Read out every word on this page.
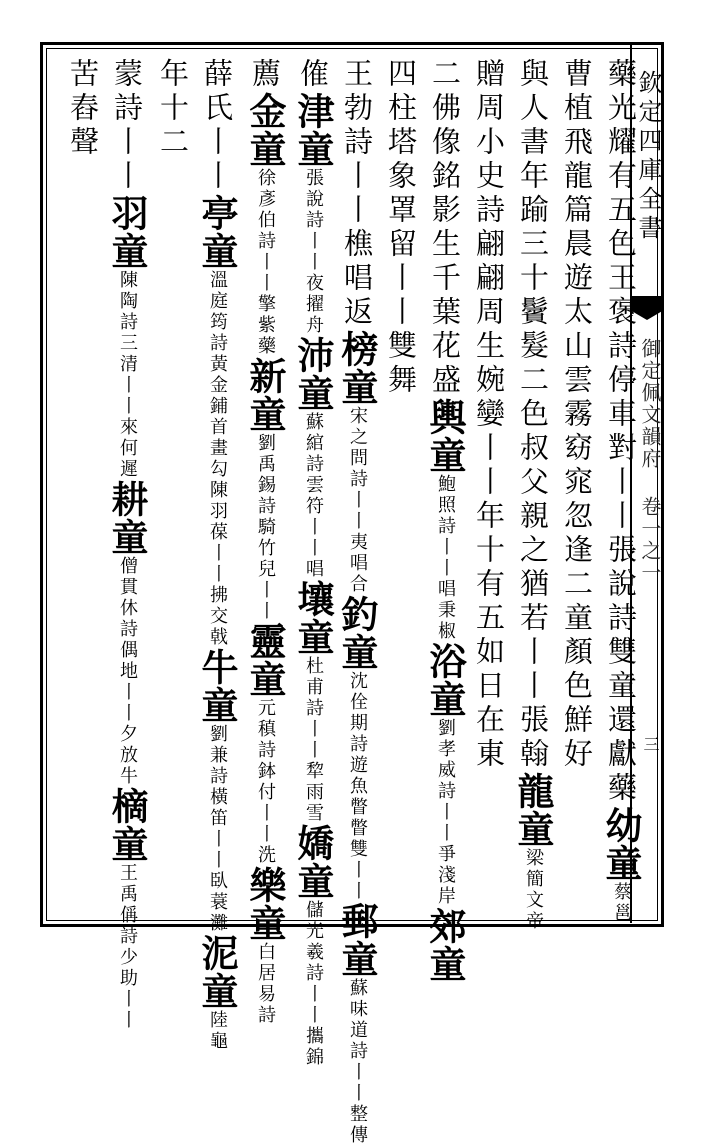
欽定四庫全書
御定佩文韻府 卷一之一
三
藥光耀有五色王褒詩停車對丨丨張說詩雙童還獻藥幼童蔡邕
曹植飛龍篇晨遊太山雲霧窈窕忽逢二童顏色鮮好
與人書年踰三十鬢髮二色叔父親之猶若丨丨張翰龍童梁簡文帝
贈周小史詩翩翩周生婉孌丨丨年十有五如日在東
二佛像銘影生千葉花盛輿童鮑照詩丨丨唱秉椒浴童劉孝威詩丨丨爭淺岸郊童
四柱塔象罩留丨丨雙舞
王勃詩丨丨樵唱返榜童宋之問詩丨丨夷唱合釣童沈佺期詩遊魚瞥瞥雙丨丨郵童蘇味道詩丨丨整傳
傕津童張說詩丨丨夜擢舟沛童蘇綰詩雲符丨丨唱壤童杜甫詩丨丨犂雨雪嬌童儲光羲詩丨丨攜錦
薦金童徐彥伯詩丨丨擎紫藥新童劉禹錫詩騎竹兒丨丨靈童元稹詩鉢付丨丨洗樂童白居易詩
薛氏丨丨亭童溫庭筠詩黃金鋪首畫勾陳羽葆丨丨拂交戟牛童劉兼詩橫笛丨丨臥蓑灘泥童陸龜
年十二
蒙詩丨丨羽童陳陶詩三清丨丨來何遲耕童僧貫休詩偶地丨丨夕放牛樀童王禹偁詩少助丨丨
苦舂聲
